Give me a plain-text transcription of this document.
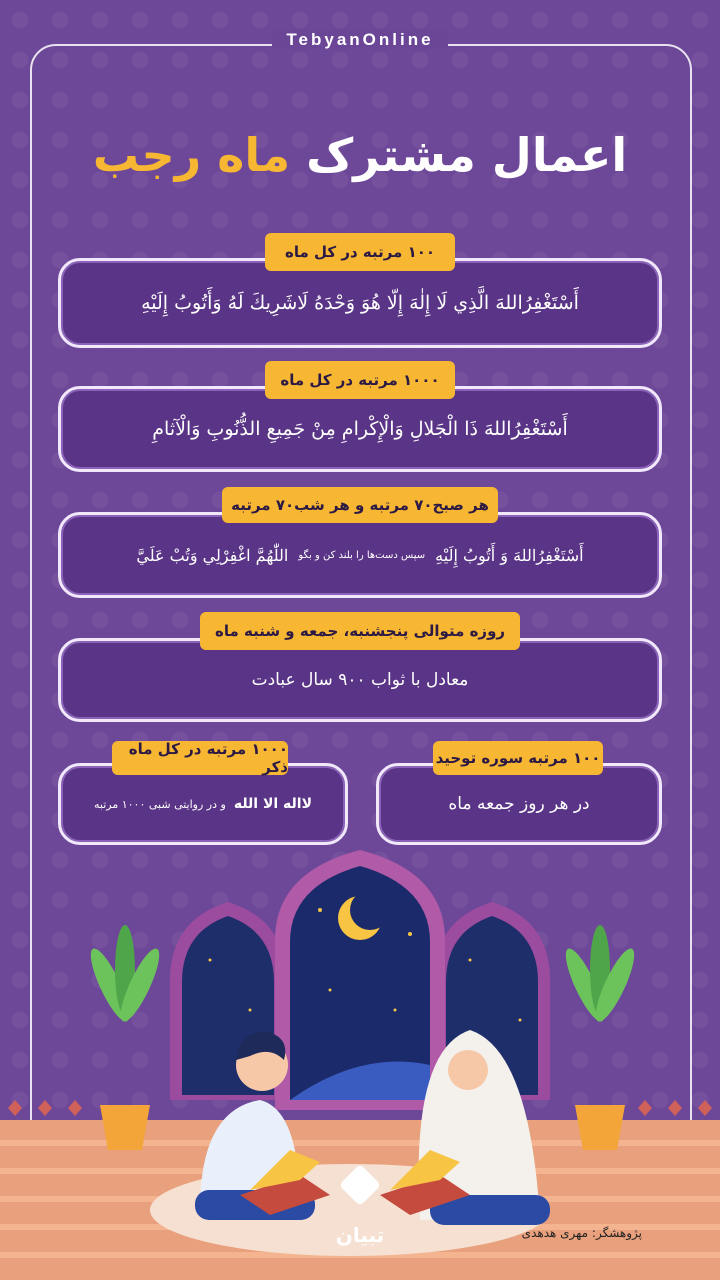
TebyanOnline
اعمال مشترک ماه رجب
۱۰۰ مرتبه در کل ماه
أَسْتَغْفِرُاللهَ الَّذِي لَا إِلٰهَ إِلّا هُوَ وَحْدَهُ لَاشَرِيكَ لَهُ وَأَتُوبُ إِلَيْهِ
۱۰۰۰ مرتبه در کل ماه
أَسْتَغْفِرُاللهَ ذَا الْجَلالِ وَالْإِكْرامِ مِنْ جَمِيعِ الذُّنُوبِ وَالْآثامِ
هر صبح۷۰ مرتبه و هر شب۷۰ مرتبه
أَسْتَغْفِرُاللهَ وَ أَتُوبُ إِلَيْهِ
سپس دست‌ها را بلند کن و بگو
اللّٰهُمَّ اغْفِرْلِي وَتُبْ عَلَيَّ
روزه متوالی پنجشنبه، جمعه و شنبه ماه
معادل با ثواب ۹۰۰ سال عبادت
۱۰۰ مرتبه سوره توحید
در هر روز جمعه ماه
۱۰۰۰ مرتبه در کل ماه ذکر
لااله الا الله
و در روایتی شبی ۱۰۰۰ مرتبه
تبیان	پژوهشگر: مهری هدهدی
